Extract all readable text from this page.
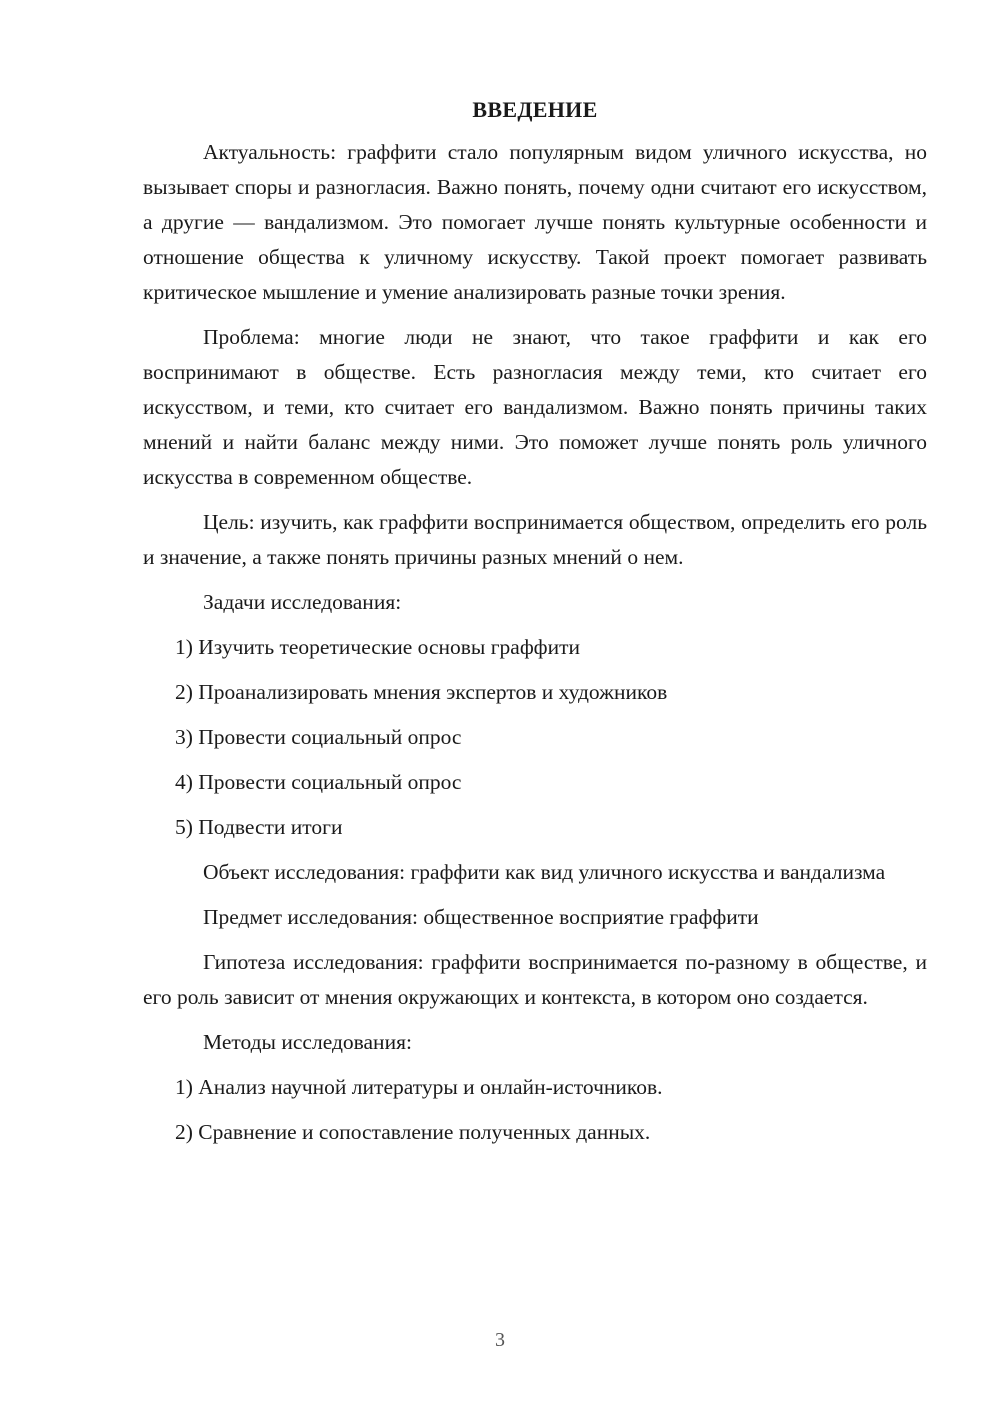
ВВЕДЕНИЕ

Актуальность: граффити стало популярным видом уличного искусства, но вызывает споры и разногласия. Важно понять, почему одни считают его искусством, а другие — вандализмом. Это помогает лучше понять культурные особенности и отношение общества к уличному искусству. Такой проект помогает развивать критическое мышление и умение анализировать разные точки зрения.

Проблема: многие люди не знают, что такое граффити и как его воспринимают в обществе. Есть разногласия между теми, кто считает его искусством, и теми, кто считает его вандализмом. Важно понять причины таких мнений и найти баланс между ними. Это поможет лучше понять роль уличного искусства в современном обществе.

Цель: изучить, как граффити воспринимается обществом, определить его роль и значение, а также понять причины разных мнений о нем.

Задачи исследования:

1) Изучить теоретические основы граффити
2) Проанализировать мнения экспертов и художников
3) Провести социальный опрос
4) Провести социальный опрос
5) Подвести итоги

Объект исследования: граффити как вид уличного искусства и вандализма

Предмет исследования: общественное восприятие граффити

Гипотеза исследования: граффити воспринимается по-разному в обществе, и его роль зависит от мнения окружающих и контекста, в котором оно создается.

Методы исследования:

1) Анализ научной литературы и онлайн-источников.
2) Сравнение и сопоставление полученных данных.
3
